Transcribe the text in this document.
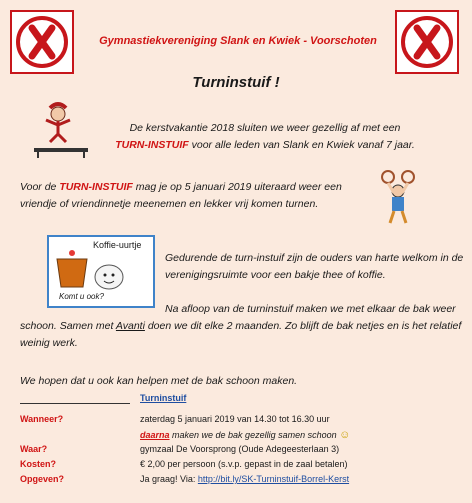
Gymnastiekvereniging Slank en Kwiek - Voorschoten
Turninstuif !
De kerstvakantie 2018 sluiten we weer gezellig af met een
TURN-INSTUIF voor alle leden van Slank en Kwiek vanaf 7 jaar.
Voor de TURN-INSTUIF mag je op 5 januari 2019 uiteraard weer een vriendje of vriendinnetje meenemen en lekker vrij komen turnen.
Koffie-uurtje
Komt u ook?
Gedurende de turn-instuif zijn de ouders van harte welkom in de verenigingsruimte voor een bakje thee of koffie.
Na afloop van de turninstuif maken we met elkaar de bak weer schoon. Samen met Avanti doen we dit elke 2 maanden. Zo blijft de bak netjes en is het relatief weinig werk.
We hopen dat u ook kan helpen met de bak schoon maken.
Turninstuif
Wanneer?	zaterdag 5 januari 2019 van 14.30 tot 16.30 uur
daarna maken we de bak gezellig samen schoon ☺
Waar?	gymzaal De Voorsprong (Oude Adegeesterlaan 3)
Kosten?	€ 2,00 per persoon (s.v.p. gepast in de zaal betalen)
Opgeven?	Ja graag! Via: http://bit.ly/SK-Turninstuif-Borrel-Kerst
